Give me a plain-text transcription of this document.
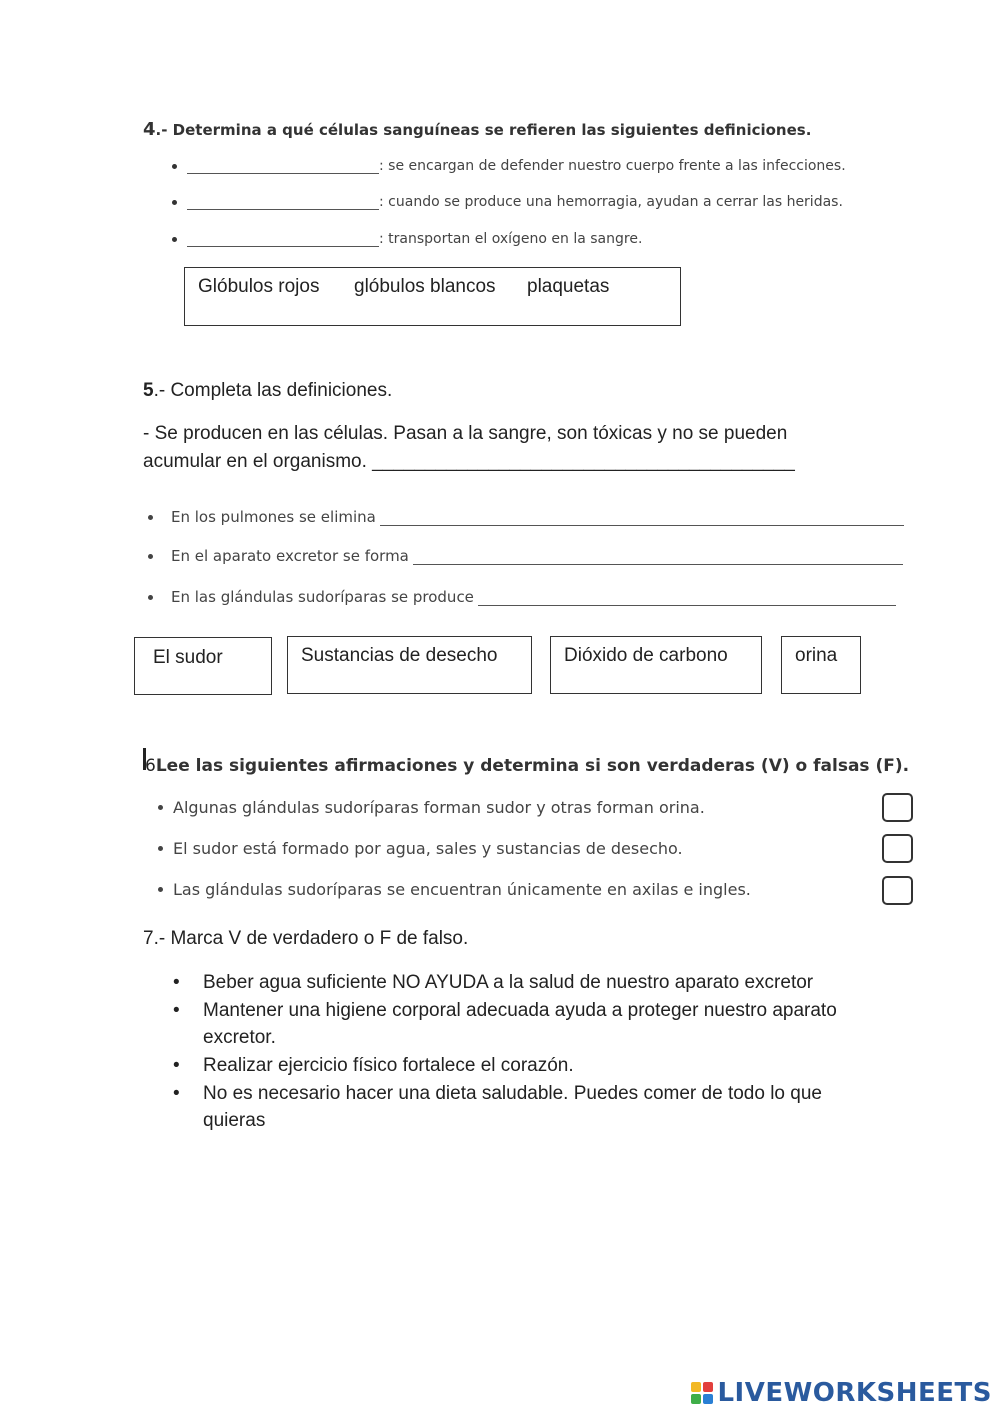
4.- Determina a qué células sanguíneas se refieren las siguientes definiciones.
: se encargan de defender nuestro cuerpo frente a las infecciones.
: cuando se produce una hemorragia, ayudan a cerrar las heridas.
: transportan el oxígeno en la sangre.
Glóbulos rojos glóbulos blancos plaquetas
5.- Completa las definiciones.
- Se producen en las células. Pasan a la sangre, son tóxicas y no se pueden
acumular en el organismo. ________________________________________
En los pulmones se elimina
En el aparato excretor se forma
En las glándulas sudoríparas se produce
El sudor	Sustancias de desecho	Dióxido de carbono	orina
6Lee las siguientes afirmaciones y determina si son verdaderas (V) o falsas (F).
Algunas glándulas sudoríparas forman sudor y otras forman orina.
El sudor está formado por agua, sales y sustancias de desecho.
Las glándulas sudoríparas se encuentran únicamente en axilas e ingles.
7.- Marca V de verdadero o F de falso.
• Beber agua suficiente NO AYUDA a la salud de nuestro aparato excretor
• Mantener una higiene corporal adecuada ayuda a proteger nuestro aparato excretor.
• Realizar ejercicio físico fortalece el corazón.
• No es necesario hacer una dieta saludable. Puedes comer de todo lo que quieras
LIVEWORKSHEETS
